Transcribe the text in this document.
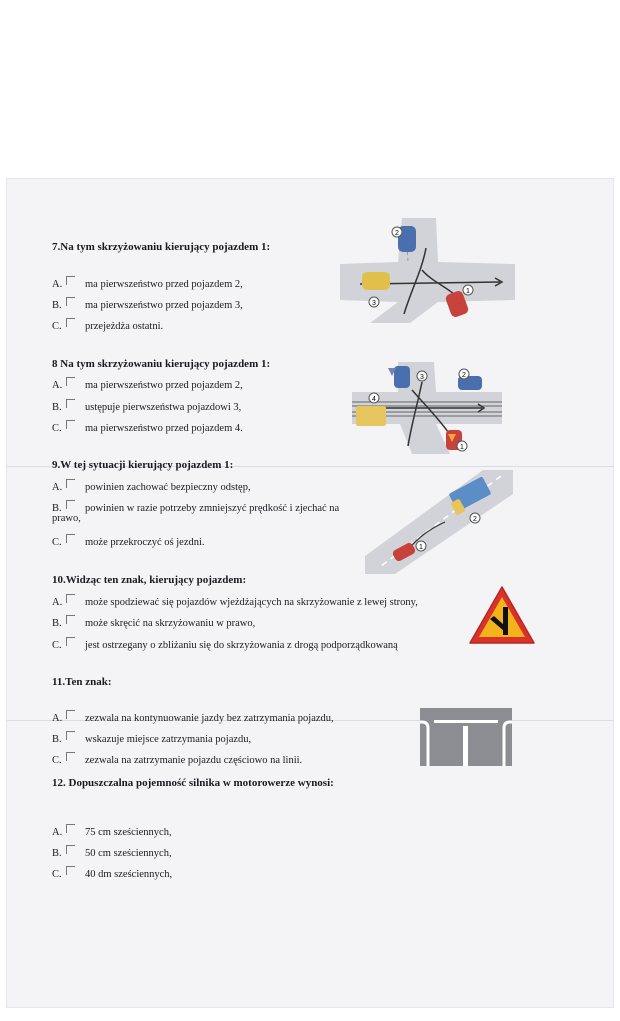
7.Na tym skrzyżowaniu kierujący pojazdem 1:
A. ma pierwszeństwo przed pojazdem 2,
B. ma pierwszeństwo przed pojazdem 3,
C. przejeżdża ostatni.
2
3
1
8 Na tym skrzyżowaniu kierujący pojazdem 1:
A. ma pierwszeństwo przed pojazdem 2,
B. ustępuje pierwszeństwa pojazdowi 3,
C. ma pierwszeństwo przed pojazdem 4.
3	2
4
1
9.W tej sytuacji kierujący pojazdem 1:
A. powinien zachować bezpieczny odstęp,
B. powinien w razie potrzeby zmniejszyć prędkość i zjechać na
prawo,
C. może przekroczyć oś jezdni.
2
1
10.Widząc ten znak, kierujący pojazdem:
A. może spodziewać się pojazdów wjeżdżających na skrzyżowanie z lewej strony,
B. może skręcić na skrzyżowaniu w prawo,
C. jest ostrzegany o zbliżaniu się do skrzyżowania z drogą podporządkowaną
11.Ten znak:
A. zezwala na kontynuowanie jazdy bez zatrzymania pojazdu,
B. wskazuje miejsce zatrzymania pojazdu,
C. zezwala na zatrzymanie pojazdu częściowo na linii.
12. Dopuszczalna pojemność silnika w motorowerze wynosi:
A. 75 cm sześciennych,
B. 50 cm sześciennych,
C. 40 dm sześciennych,
